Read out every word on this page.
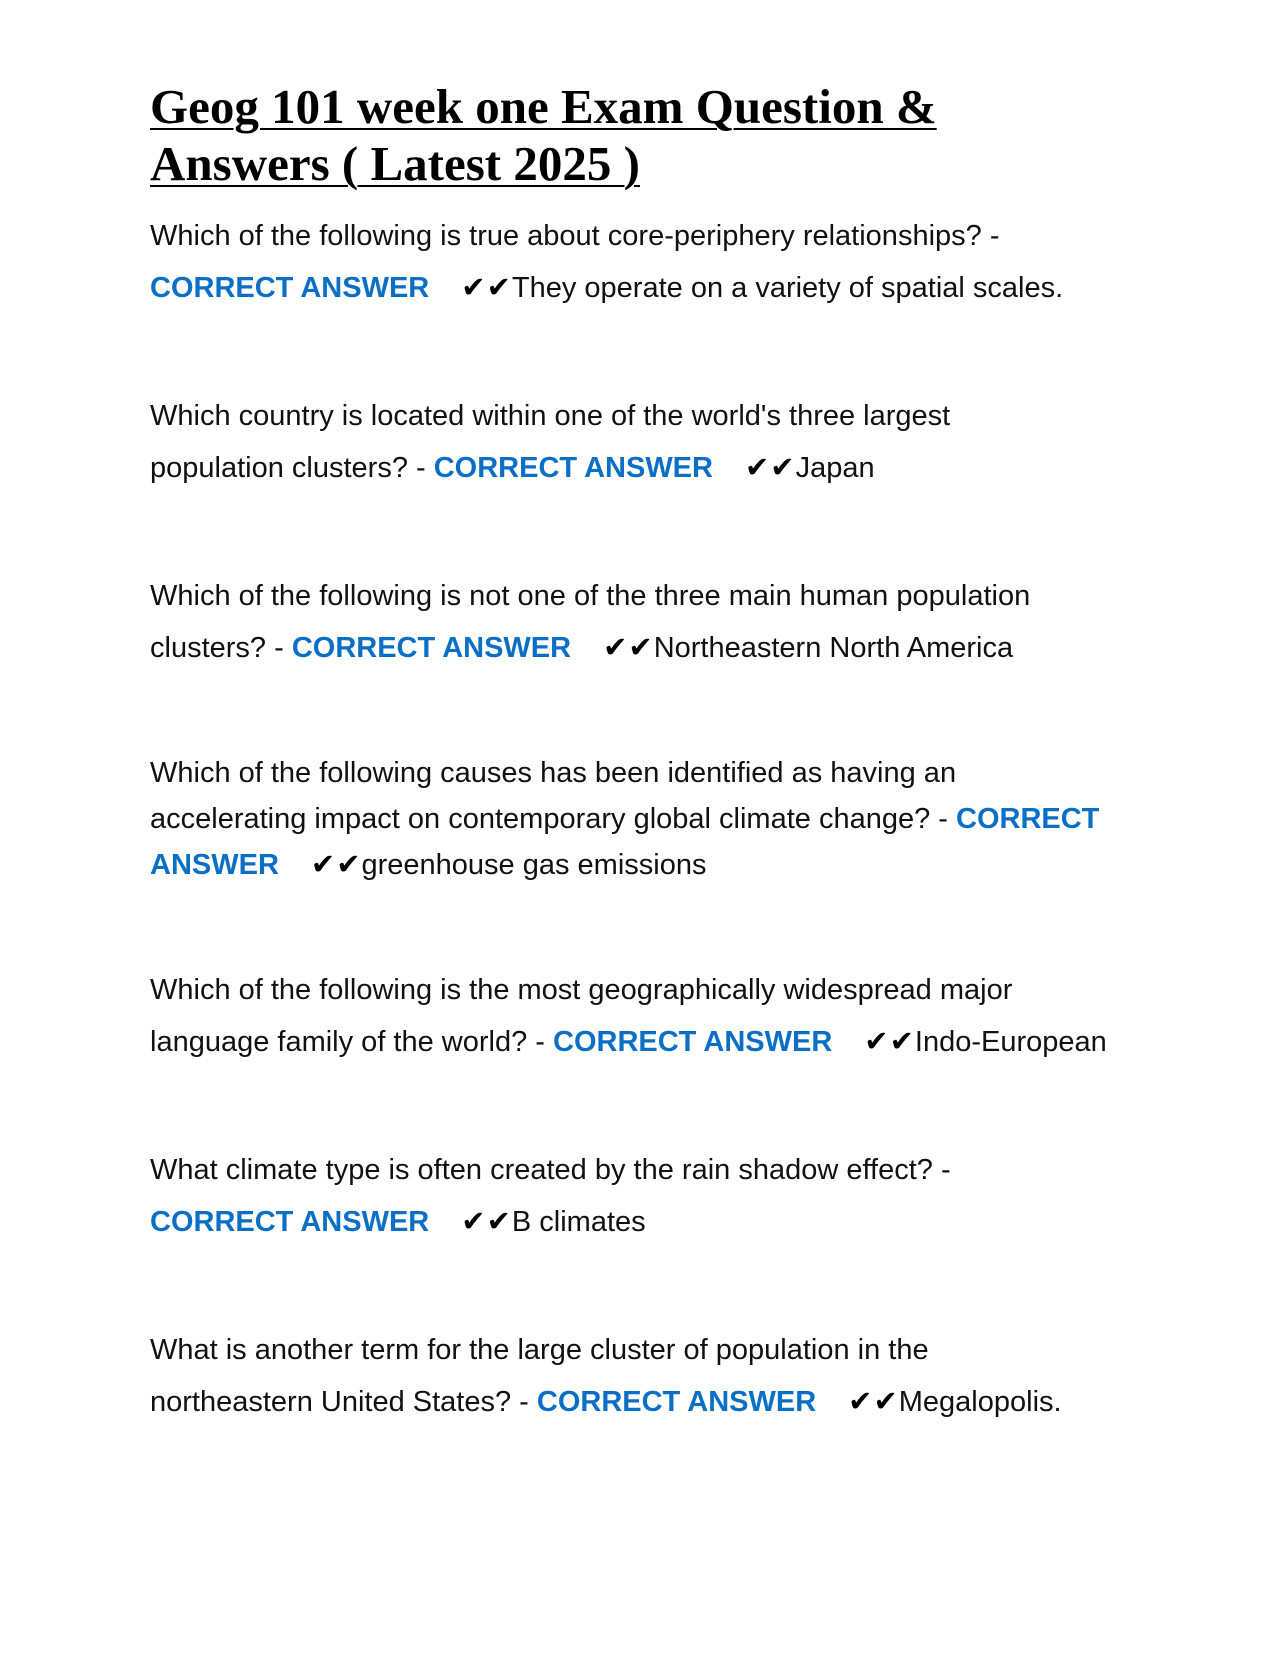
Geog 101 week one Exam Question &
Answers ( Latest 2025 )

Which of the following is true about core-periphery relationships? -
CORRECT ANSWER ✔✔They operate on a variety of spatial scales.

Which country is located within one of the world's three largest
population clusters? - CORRECT ANSWER ✔✔Japan

Which of the following is not one of the three main human population
clusters? - CORRECT ANSWER ✔✔Northeastern North America

Which of the following causes has been identified as having an
accelerating impact on contemporary global climate change? - CORRECT ANSWER ✔✔greenhouse gas emissions

Which of the following is the most geographically widespread major
language family of the world? - CORRECT ANSWER ✔✔Indo-European

What climate type is often created by the rain shadow effect? -
CORRECT ANSWER ✔✔B climates

What is another term for the large cluster of population in the
northeastern United States? - CORRECT ANSWER ✔✔Megalopolis.
